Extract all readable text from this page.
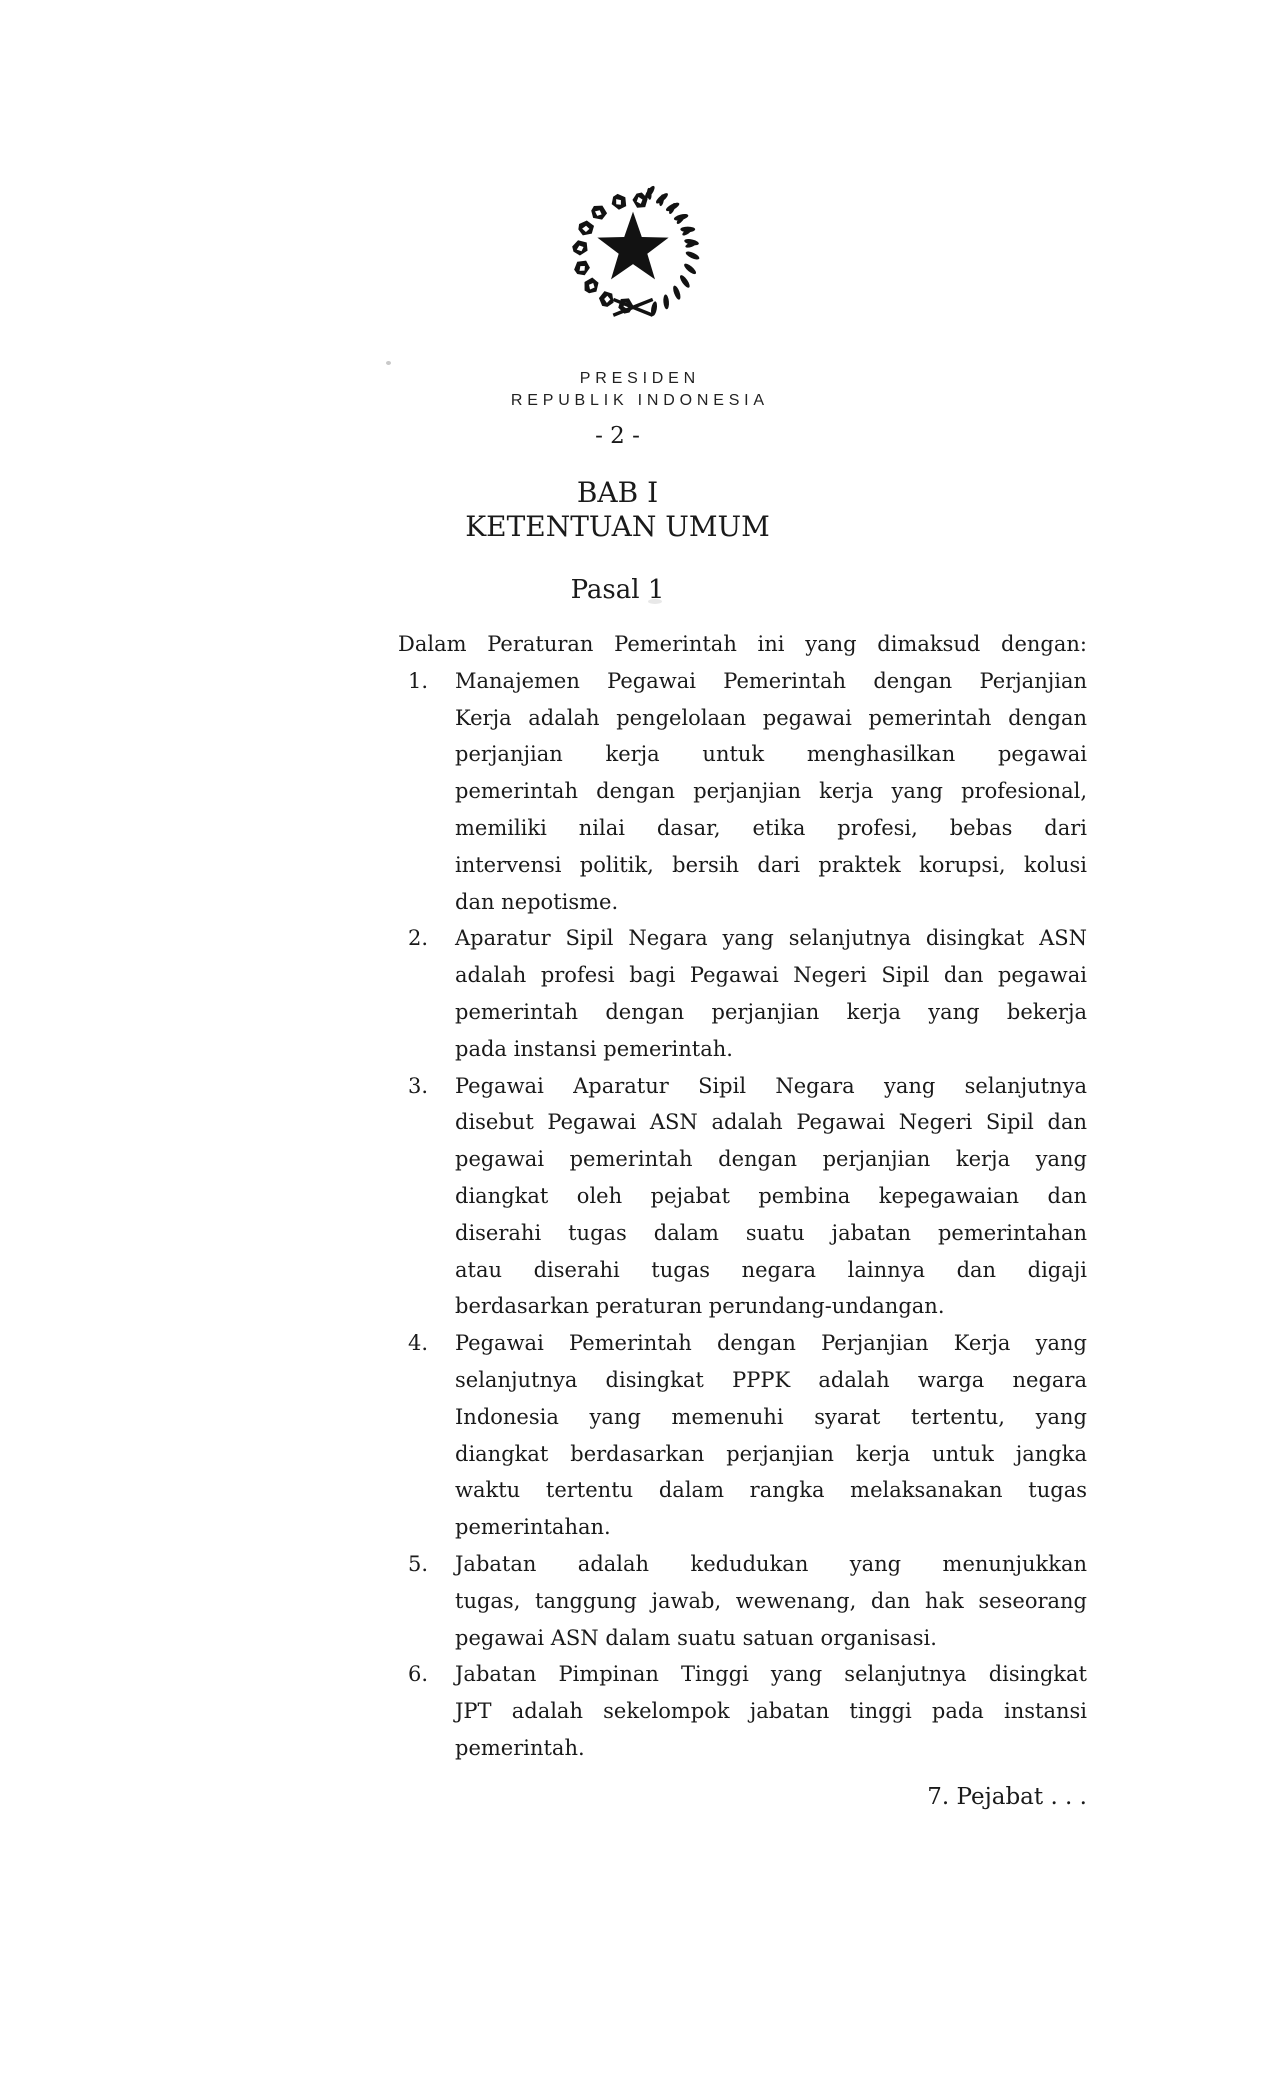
PRESIDEN
REPUBLIK INDONESIA
- 2 -
BAB I
KETENTUAN UMUM
Pasal 1
Dalam Peraturan Pemerintah ini yang dimaksud dengan:
1.	Manajemen Pegawai Pemerintah dengan Perjanjian
Kerja adalah pengelolaan pegawai pemerintah dengan
perjanjian kerja untuk menghasilkan pegawai
pemerintah dengan perjanjian kerja yang profesional,
memiliki nilai dasar, etika profesi, bebas dari
intervensi politik, bersih dari praktek korupsi, kolusi
dan nepotisme.
2.	Aparatur Sipil Negara yang selanjutnya disingkat ASN
adalah profesi bagi Pegawai Negeri Sipil dan pegawai
pemerintah dengan perjanjian kerja yang bekerja
pada instansi pemerintah.
3.	Pegawai Aparatur Sipil Negara yang selanjutnya
disebut Pegawai ASN adalah Pegawai Negeri Sipil dan
pegawai pemerintah dengan perjanjian kerja yang
diangkat oleh pejabat pembina kepegawaian dan
diserahi tugas dalam suatu jabatan pemerintahan
atau diserahi tugas negara lainnya dan digaji
berdasarkan peraturan perundang-undangan.
4.	Pegawai Pemerintah dengan Perjanjian Kerja yang
selanjutnya disingkat PPPK adalah warga negara
Indonesia yang memenuhi syarat tertentu, yang
diangkat berdasarkan perjanjian kerja untuk jangka
waktu tertentu dalam rangka melaksanakan tugas
pemerintahan.
5.	Jabatan adalah kedudukan yang menunjukkan
tugas, tanggung jawab, wewenang, dan hak seseorang
pegawai ASN dalam suatu satuan organisasi.
6.	Jabatan Pimpinan Tinggi yang selanjutnya disingkat
JPT adalah sekelompok jabatan tinggi pada instansi
pemerintah.
7. Pejabat . . .
